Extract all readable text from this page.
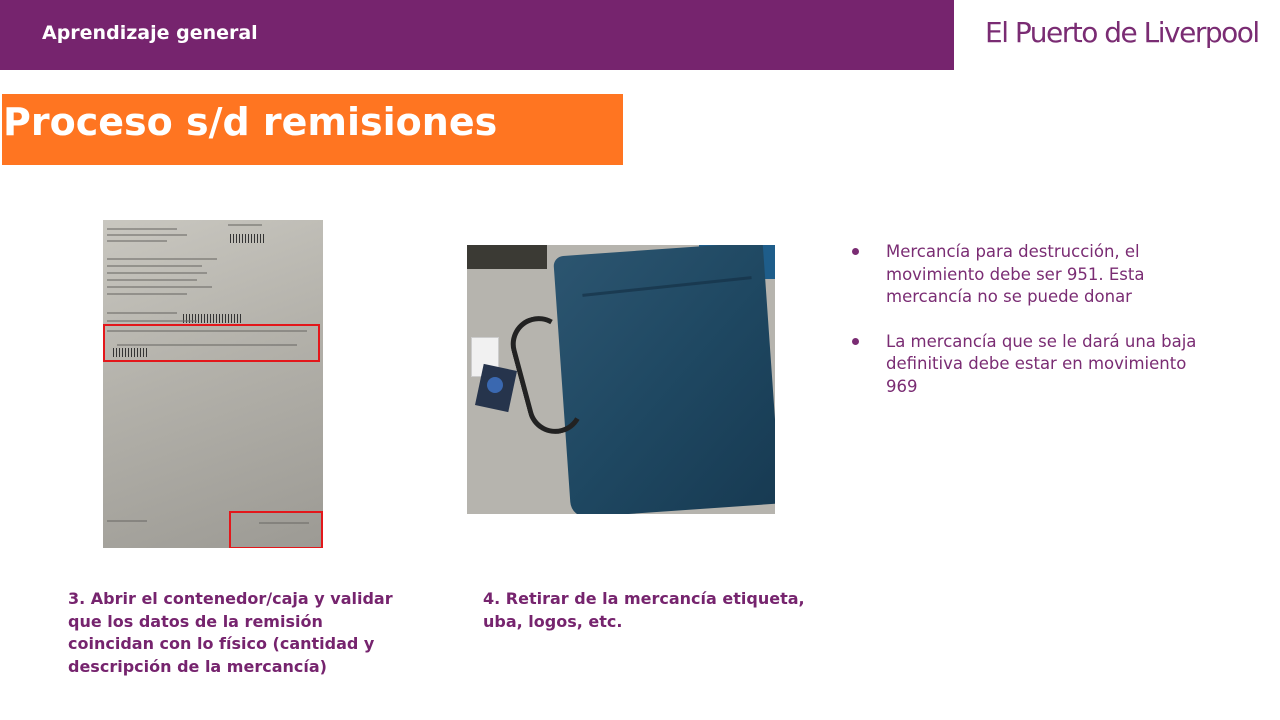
Aprendizaje general	El Puerto de Liverpool
Proceso s/d remisiones

3. Abrir el contenedor/caja y validar que los datos de la remisión coincidan con lo físico (cantidad y descripción de la mercancía)

4. Retirar de la mercancía etiqueta, uba, logos, etc.

Mercancía para destrucción, el movimiento debe ser 951. Esta mercancía no se puede donar
La mercancía que se le dará una baja definitiva debe estar en movimiento 969
